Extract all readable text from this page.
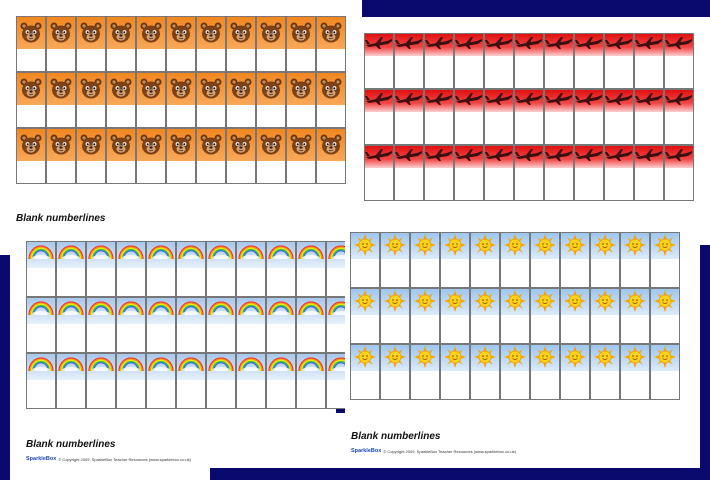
Blank numberlines

Blank numberlines

SparkleBox © Copyright 2009, SparkleBox Teacher Resources (www.sparklebox.co.uk)

Blank numberlines

SparkleBox © Copyright 2009, SparkleBox Teacher Resources (www.sparklebox.co.uk)
